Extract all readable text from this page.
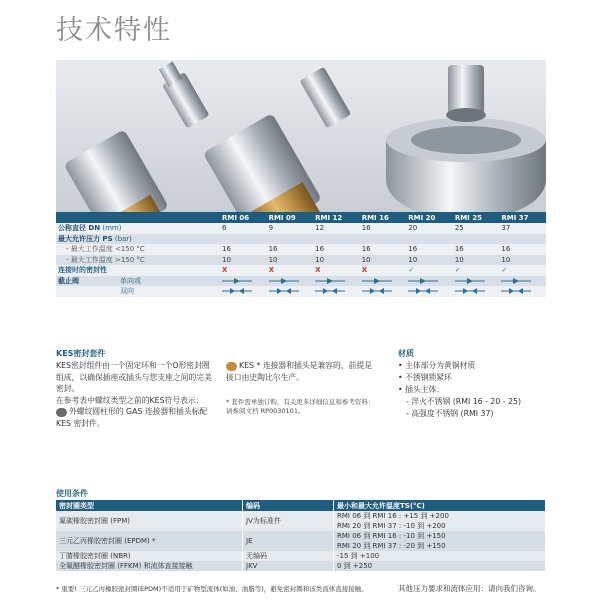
技术特性
	RMI 06	RMI 09	RMI 12	RMI 16	RMI 20	RMI 25	RMI 37
公称直径 DN (mm)	6	9	12	16	20	25	37
最大允许压力 PS (bar)							
- 最大工作温度 <150 °C	16	16	16	16	16	16	16
- 最大工作温度 >150 °C	10	10	10	10	10	10	10
连接时的密封性	X	X	X	X	✓	✓	✓
截止阀 单向或							
双向							
KES密封套件
KES密封组件由一个固定环和一个O形密封圈组成，以确保插座或插头与您支座之间的完美密封。
在参考表中螺纹类型之前的KES符号表示：
外螺纹圆柱形的 GAS 连接器和插头标配 KES 密封件。
KES * 连接器和插头是兼容的，前提是接口由史陶比尔生产。
* 套件需单独订购，有关更多详细信息和参考资料：请参阅文档 RP0030101。
材质
• 主体部分为黄铜材质
• 不锈钢锁紧环
• 插头主体：
- 淬火不锈钢 (RMI 16 - 20 - 25)
- 高强度不锈钢 (RMI 37)
使用条件
密封圈类型	编码	最小和最大允许温度TS(°C)
氟碳橡胶密封圈 (FPM)	JV为标准件	RMI 06 到 RMI 16 : +15 到 +200
		RMI 20 到 RMI 37 : -10 到 +200
三元乙丙橡胶密封圈 (EPDM) *	JE	RMI 06 到 RMI 16 : -10 到 +150
		RMI 20 到 RMI 37 : -20 到 +150
丁腈橡胶密封圈 (NBR)	无编码	-15 到 +100
全氟醚橡胶密封圈 (FFKM) 和流体直接接触	JKV	0 到 +250
* 重要! 三元乙丙橡胶密封圈(EPDM)不适用于矿物型流体(如油、油脂等)，避免密封圈和该类流体直接接触。	其他压力要求和流体应用：请向我们咨询。
